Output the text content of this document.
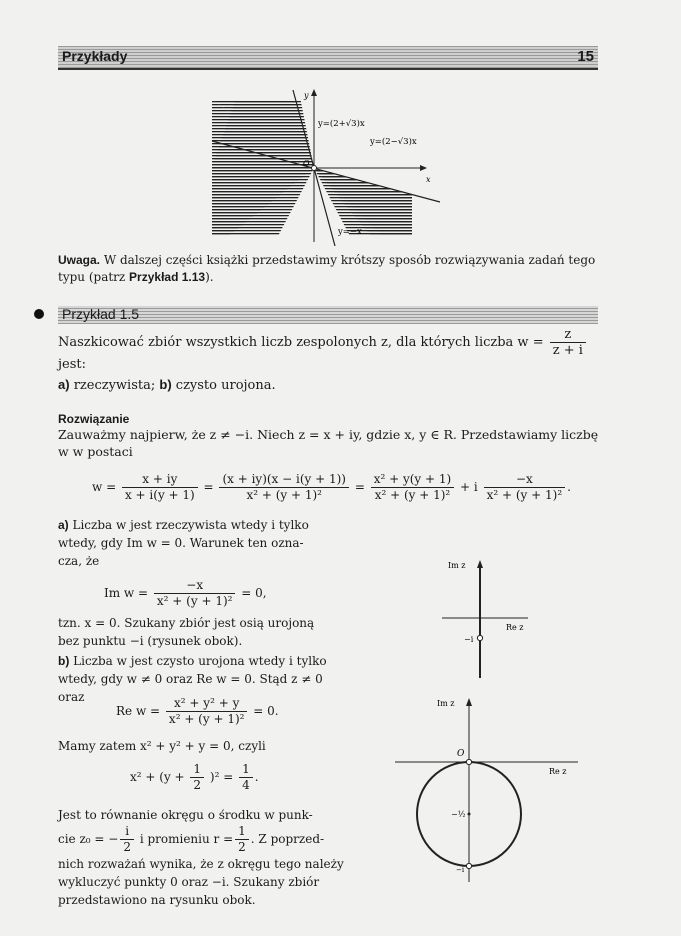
Przykłady	15
y
x
O
y=(2+√3)x
y=(2−√3)x
y=−x
Uwaga. W dalszej części książki przedstawimy krótszy sposób rozwiązywania zadań tego typu (patrz Przykład 1.13).
Przykład 1.5
Naszkicować zbiór wszystkich liczb zespolonych z, dla których liczba $w = \frac{z}{z + i}$
jest:
a) rzeczywista; b) czysto urojona.
Rozwiązanie
Zauważmy najpierw, że z ≠ −i. Niech z = x + iy, gdzie x, y ∈ R. Przedstawiamy liczbę
w w postaci
$w = \frac{x + iy}{x + i(y + 1)} = \frac{(x + iy)(x - i(y + 1))}{\text{x² + (y + 1)²}} = \frac{\text{x² + y(y + 1)}}{\text{x² + (y + 1)²}} + i \frac{-x}{\text{x² + (y + 1)²}}$ .
a) Liczba w jest rzeczywista wtedy i tylko
wtedy, gdy Im w = 0. Warunek ten ozna-
cza, że
Im $w = \frac{-x}{\text{x² + (y + 1)²}} = 0$,
tzn. x = 0. Szukany zbiór jest osią urojoną
bez punktu −i (rysunek obok).
b) Liczba w jest czysto urojona wtedy i tylko
wtedy, gdy w ≠ 0 oraz Re w = 0. Stąd z ≠ 0
oraz
Re $w = \frac{\text{x² + y² + y}}{\text{x² + (y + 1)²}} = 0$.
Mamy zatem x² + y² + y = 0, czyli
$x^2 + (y + \frac{1}{2} )^2 = \frac{1}{4}$ .
Jest to równanie okręgu o środku w punk-
cie z₀ = − $\frac{i}{2}$ i promieniu $r = \frac{1}{2}$ . Z poprzed-
nich rozważań wynika, że z okręgu tego należy
wykluczyć punkty 0 oraz −i. Szukany zbiór
przedstawiono na rysunku obok.
Im z
Re z
−i
Im z
Re z
O
−½
−i
